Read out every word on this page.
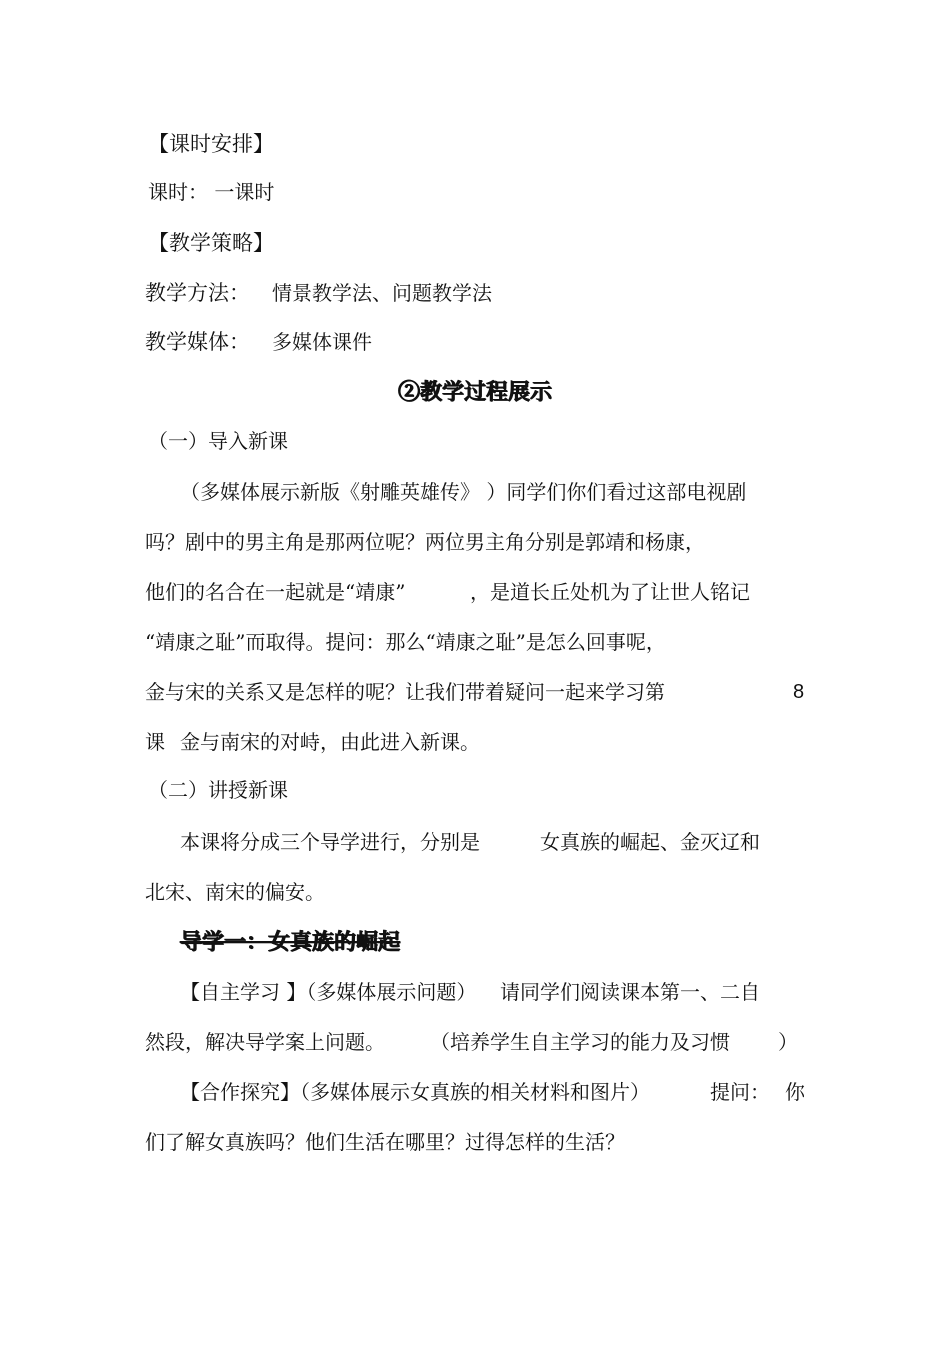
【课时安排】
课时： 一课时
【教学策略】
教学方法： 情景教学法、问题教学法
教学媒体： 多媒体课件
②教学过程展示
（一）导入新课
（多媒体展示新版《射雕英雄传》 ）同学们你们看过这部电视剧
吗？剧中的男主角是那两位呢？两位男主角分别是郭靖和杨康，
他们的名合在一起就是“靖康”	，是道长丘处机为了让世人铭记
“靖康之耻”而取得。提问：那么“靖康之耻”是怎么回事呢，
金与宋的关系又是怎样的呢？让我们带着疑问一起来学习第	8
课 金与南宋的对峙，由此进入新课。
（二）讲授新课
本课将分成三个导学进行，分别是	女真族的崛起、金灭辽和
北宋、南宋的偏安。
导学一：女真族的崛起
【自主学习 】（多媒体展示问题） 请同学们阅读课本第一、二自
然段，解决导学案上问题。 （培养学生自主学习的能力及习惯 ）
【合作探究】（多媒体展示女真族的相关材料和图片）	提问： 你
们了解女真族吗？他们生活在哪里？过得怎样的生活？
